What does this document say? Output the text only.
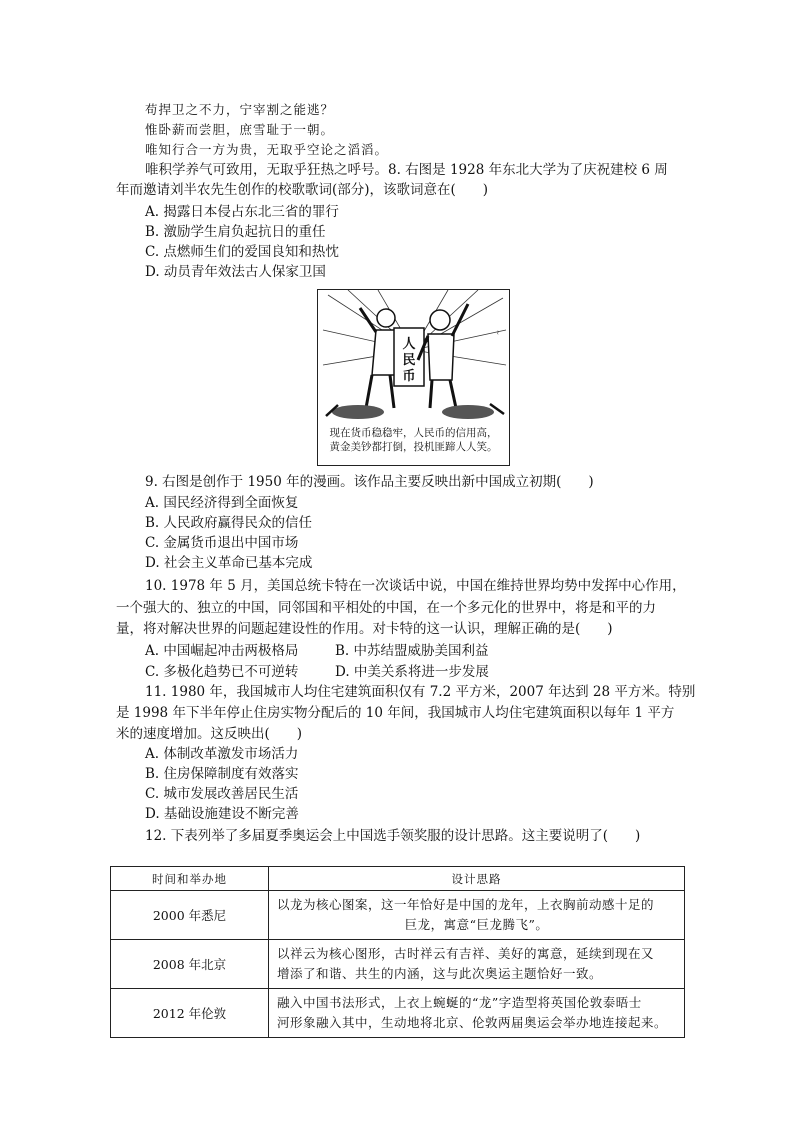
苟捍卫之不力，宁宰割之能逃？
惟卧薪而尝胆，庶雪耻于一朝。
唯知行合一方为贵，无取乎空论之滔滔。
唯积学养气可致用，无取乎狂热之呼号。8. 右图是 1928 年东北大学为了庆祝建校 6 周
年而邀请刘半农先生创作的校歌歌词(部分)，该歌词意在(　　)
A. 揭露日本侵占东北三省的罪行
B. 激励学生肩负起抗日的重任
C. 点燃师生们的爱国良知和热忱
D. 动员青年效法古人保家卫国
人
民
币
~
现在货币稳稳牢，人民币的信用高，
黄金美钞都打倒，投机匪蹄人人笑。
9. 右图是创作于 1950 年的漫画。该作品主要反映出新中国成立初期(　　)
A. 国民经济得到全面恢复
B. 人民政府赢得民众的信任
C. 金属货币退出中国市场
D. 社会主义革命已基本完成
10. 1978 年 5 月，美国总统卡特在一次谈话中说，中国在维持世界均势中发挥中心作用，
一个强大的、独立的中国，同邻国和平相处的中国，在一个多元化的世界中，将是和平的力
量，将对解决世界的问题起建设性的作用。对卡特的这一认识，理解正确的是(　　)
A. 中国崛起冲击两极格局	B. 中苏结盟威胁美国利益
C. 多极化趋势已不可逆转	D. 中美关系将进一步发展
11. 1980 年，我国城市人均住宅建筑面积仅有 7.2 平方米，2007 年达到 28 平方米。特别
是 1998 年下半年停止住房实物分配后的 10 年间，我国城市人均住宅建筑面积以每年 1 平方
米的速度增加。这反映出(　　)
A. 体制改革激发市场活力
B. 住房保障制度有效落实
C. 城市发展改善居民生活
D. 基础设施建设不断完善
12. 下表列举了多届夏季奥运会上中国选手领奖服的设计思路。这主要说明了(　　)
时间和举办地	设计思路
2000 年悉尼	以龙为核心图案，这一年恰好是中国的龙年，上衣胸前动感十足的
巨龙，寓意“巨龙腾飞”。

2008 年北京	以祥云为核心图形，古时祥云有吉祥、美好的寓意，延续到现在又
增添了和谐、共生的内涵，这与此次奥运主题恰好一致。

2012 年伦敦	融入中国书法形式，上衣上蜿蜒的“龙”字造型将英国伦敦泰晤士
河形象融入其中，生动地将北京、伦敦两届奥运会举办地连接起来。
